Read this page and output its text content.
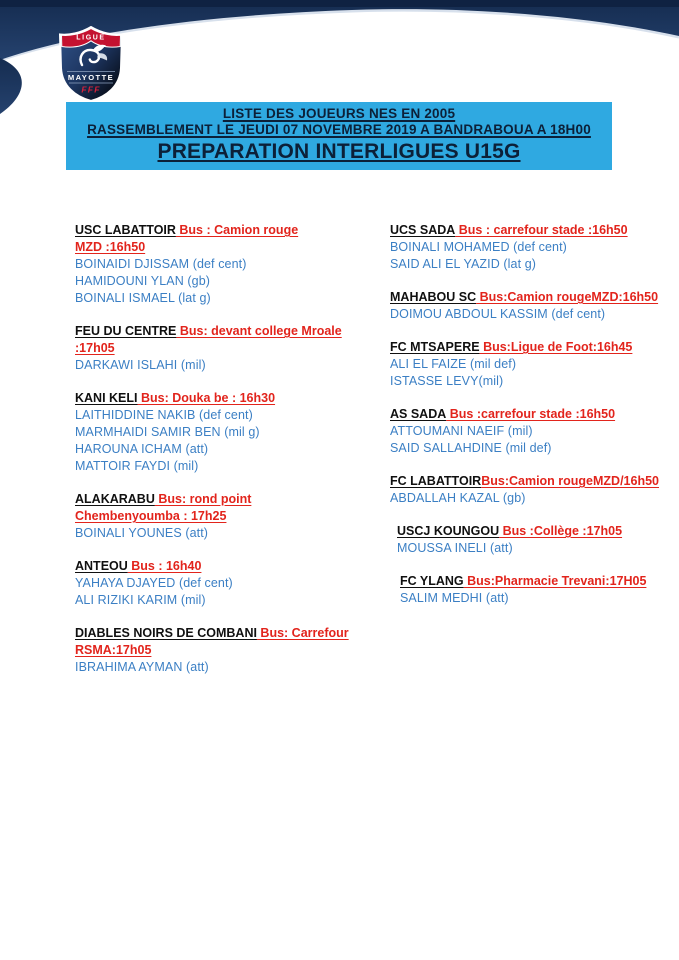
LIGUE
MAYOTTE
FFF
LISTE DES JOUEURS NES EN 2005
RASSEMBLEMENT LE JEUDI 07 NOVEMBRE 2019 A BANDRABOUA A 18H00
PREPARATION INTERLIGUES U15G
USC LABATTOIR Bus : Camion rouge
MZD :16h50
BOINAIDI DJISSAM (def cent)
HAMIDOUNI YLAN (gb)
BOINALI ISMAEL (lat g)
FEU DU CENTRE Bus: devant college Mroale
:17h05
DARKAWI ISLAHI (mil)
KANI KELI Bus: Douka be : 16h30
LAITHIDDINE NAKIB (def cent)
MARMHAIDI SAMIR BEN (mil g)
HAROUNA ICHAM (att)
MATTOIR FAYDI (mil)
ALAKARABU Bus: rond point
Chembenyoumba : 17h25
BOINALI YOUNES (att)
ANTEOU Bus : 16h40
YAHAYA DJAYED (def cent)
ALI RIZIKI KARIM (mil)
DIABLES NOIRS DE COMBANI Bus: Carrefour
RSMA:17h05
IBRAHIMA AYMAN (att)
UCS SADA Bus : carrefour stade :16h50
BOINALI MOHAMED (def cent)
SAID ALI EL YAZID (lat g)
MAHABOU SC Bus:Camion rougeMZD:16h50
DOIMOU ABDOUL KASSIM (def cent)
FC MTSAPERE Bus:Ligue de Foot:16h45
ALI EL FAIZE (mil def)
ISTASSE LEVY(mil)
AS SADA Bus :carrefour stade :16h50
ATTOUMANI NAEIF (mil)
SAID SALLAHDINE (mil def)
FC LABATTOIRBus:Camion rougeMZD/16h50
ABDALLAH KAZAL (gb)
USCJ KOUNGOU Bus :Collège :17h05
MOUSSA INELI (att)
FC YLANG Bus:Pharmacie Trevani:17H05
SALIM MEDHI (att)
